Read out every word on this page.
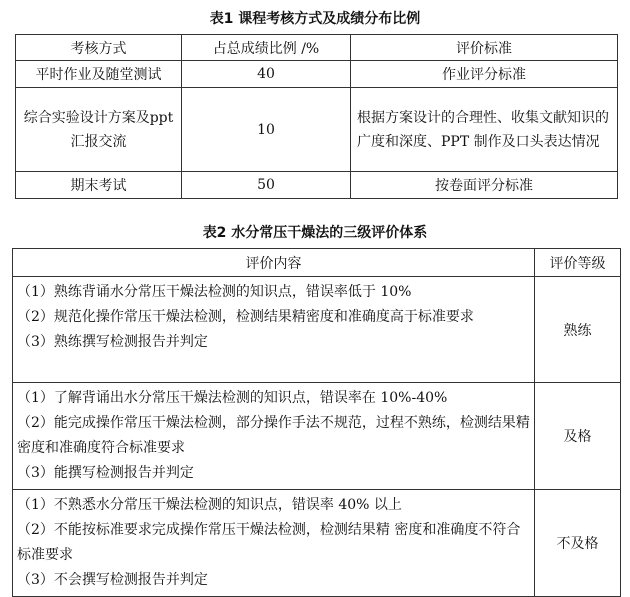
表1 课程考核方式及成绩分布比例
考核方式	占总成绩比例 /%	评价标准
平时作业及随堂测试	40	作业评分标准
综合实验设计方案及ppt 汇报交流	10	根据方案设计的合理性、收集文献知识的广度和深度、PPT 制作及口头表达情况
期末考试	50	按卷面评分标准
表2 水分常压干燥法的三级评价体系
评价内容	评价等级

（1）熟练背诵水分常压干燥法检测的知识点，错误率低于 10%
（2）规范化操作常压干燥法检测，检测结果精密度和准确度高于标准要求
（3）熟练撰写检测报告并判定	熟练

（1）了解背诵出水分常压干燥法检测的知识点，错误率在 10%-40%
（2）能完成操作常压干燥法检测，部分操作手法不规范，过程不熟练，检测结果精密度和准确度符合标准要求
（3）能撰写检测报告并判定	及格

（1）不熟悉水分常压干燥法检测的知识点，错误率 40% 以上
（2）不能按标准要求完成操作常压干燥法检测，检测结果精 密度和准确度不符合标准要求
（3）不会撰写检测报告并判定	不及格
